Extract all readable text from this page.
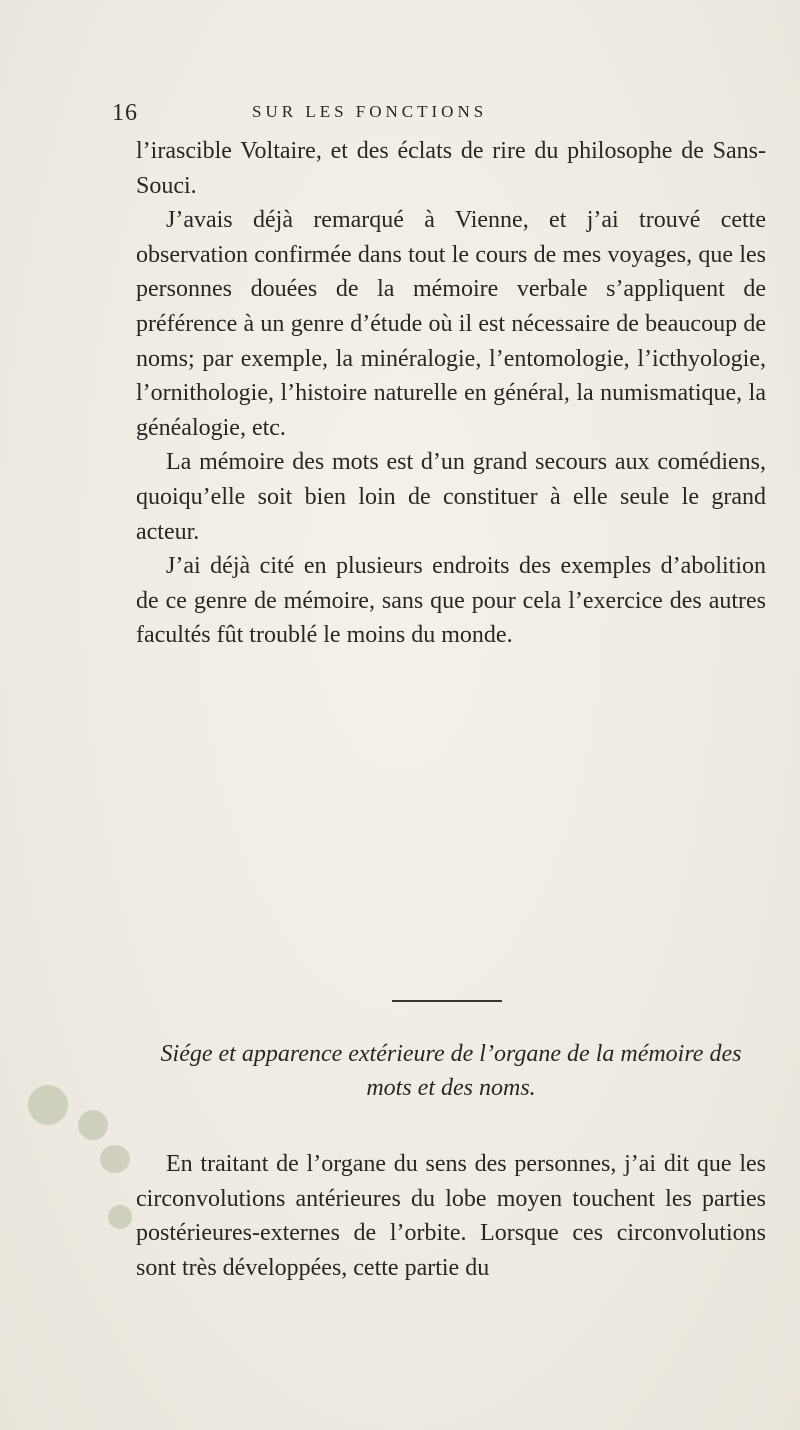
16	SUR LES FONCTIONS

l’irascible Voltaire, et des éclats de rire du philosophe de Sans-Souci.

J’avais déjà remarqué à Vienne, et j’ai trouvé cette observation confirmée dans tout le cours de mes voyages, que les personnes douées de la mémoire verbale s’appliquent de préférence à un genre d’étude où il est nécessaire de beaucoup de noms; par exemple, la minéralogie, l’entomologie, l’icthyologie, l’ornithologie, l’histoire naturelle en général, la numismatique, la généalogie, etc.

La mémoire des mots est d’un grand secours aux comédiens, quoiqu’elle soit bien loin de constituer à elle seule le grand acteur.

J’ai déjà cité en plusieurs endroits des exemples d’abolition de ce genre de mémoire, sans que pour cela l’exercice des autres facultés fût troublé le moins du monde.

Siége et apparence extérieure de l’organe de la mémoire des mots et des noms.

En traitant de l’organe du sens des personnes, j’ai dit que les circonvolutions antérieures du lobe moyen touchent les parties postérieures-externes de l’orbite. Lorsque ces circonvolutions sont très développées, cette partie du
